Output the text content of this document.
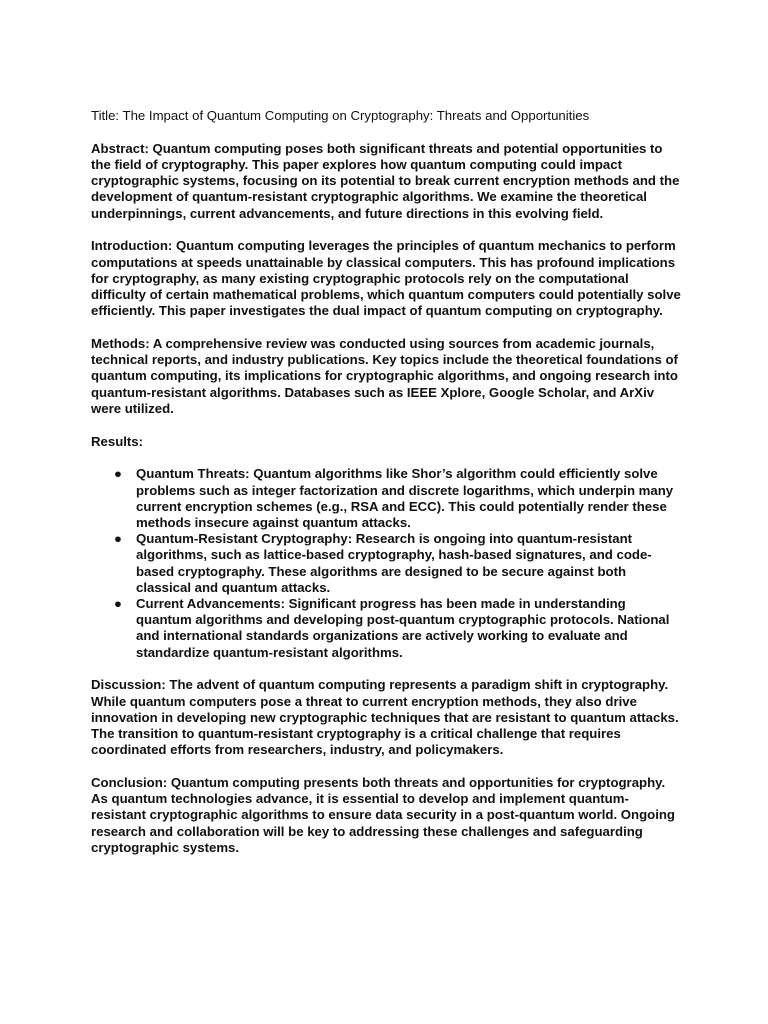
Title: The Impact of Quantum Computing on Cryptography: Threats and Opportunities

Abstract: Quantum computing poses both significant threats and potential opportunities to the field of cryptography. This paper explores how quantum computing could impact cryptographic systems, focusing on its potential to break current encryption methods and the development of quantum-resistant cryptographic algorithms. We examine the theoretical underpinnings, current advancements, and future directions in this evolving field.

Introduction: Quantum computing leverages the principles of quantum mechanics to perform computations at speeds unattainable by classical computers. This has profound implications for cryptography, as many existing cryptographic protocols rely on the computational difficulty of certain mathematical problems, which quantum computers could potentially solve efficiently. This paper investigates the dual impact of quantum computing on cryptography.

Methods: A comprehensive review was conducted using sources from academic journals, technical reports, and industry publications. Key topics include the theoretical foundations of quantum computing, its implications for cryptographic algorithms, and ongoing research into quantum-resistant algorithms. Databases such as IEEE Xplore, Google Scholar, and ArXiv were utilized.

Results:

● Quantum Threats: Quantum algorithms like Shor’s algorithm could efficiently solve problems such as integer factorization and discrete logarithms, which underpin many current encryption schemes (e.g., RSA and ECC). This could potentially render these methods insecure against quantum attacks.
● Quantum-Resistant Cryptography: Research is ongoing into quantum-resistant algorithms, such as lattice-based cryptography, hash-based signatures, and code-based cryptography. These algorithms are designed to be secure against both classical and quantum attacks.
● Current Advancements: Significant progress has been made in understanding quantum algorithms and developing post-quantum cryptographic protocols. National and international standards organizations are actively working to evaluate and standardize quantum-resistant algorithms.

Discussion: The advent of quantum computing represents a paradigm shift in cryptography. While quantum computers pose a threat to current encryption methods, they also drive innovation in developing new cryptographic techniques that are resistant to quantum attacks. The transition to quantum-resistant cryptography is a critical challenge that requires coordinated efforts from researchers, industry, and policymakers.

Conclusion: Quantum computing presents both threats and opportunities for cryptography. As quantum technologies advance, it is essential to develop and implement quantum-resistant cryptographic algorithms to ensure data security in a post-quantum world. Ongoing research and collaboration will be key to addressing these challenges and safeguarding cryptographic systems.
